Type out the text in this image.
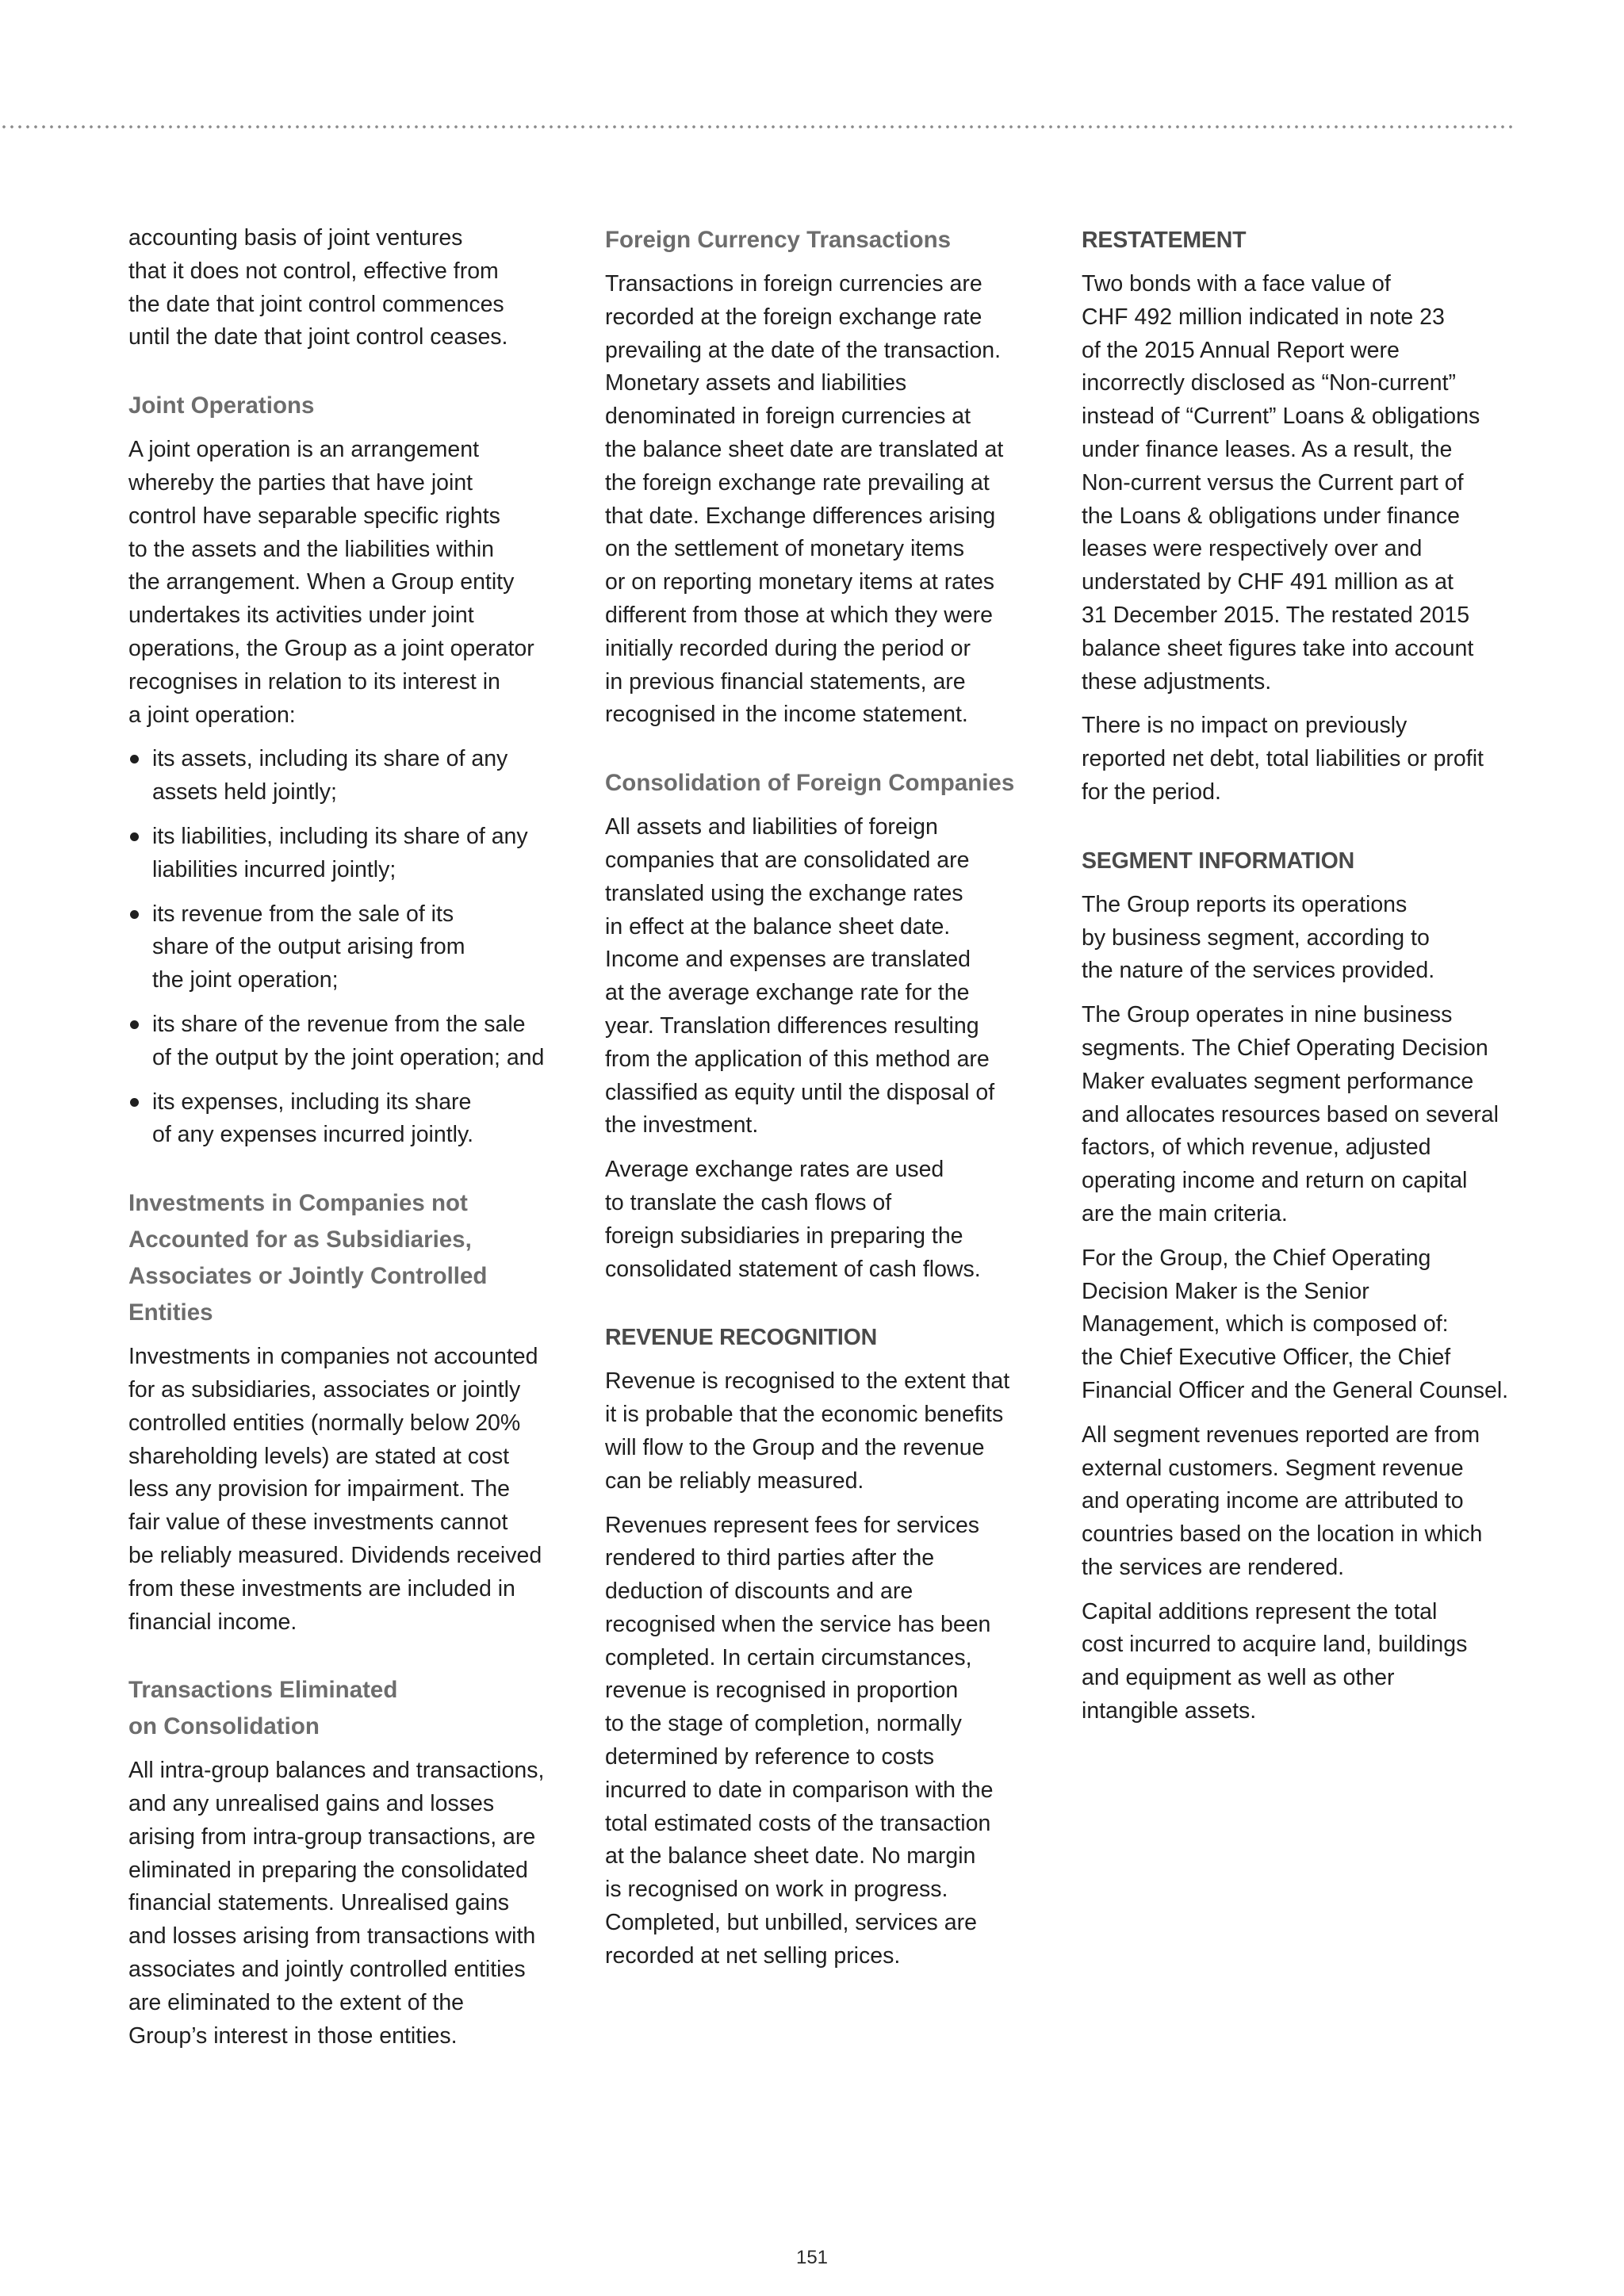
accounting basis of joint ventures
that it does not control, effective from
the date that joint control commences
until the date that joint control ceases.

Joint Operations

A joint operation is an arrangement
whereby the parties that have joint
control have separable specific rights
to the assets and the liabilities within
the arrangement. When a Group entity
undertakes its activities under joint
operations, the Group as a joint operator
recognises in relation to its interest in
a joint operation:

its assets, including its share of any
assets held jointly;
its liabilities, including its share of any
liabilities incurred jointly;
its revenue from the sale of its
share of the output arising from
the joint operation;
its share of the revenue from the sale
of the output by the joint operation; and
its expenses, including its share
of any expenses incurred jointly.
Investments in Companies not
Accounted for as Subsidiaries,
Associates or Jointly Controlled Entities

Investments in companies not accounted
for as subsidiaries, associates or jointly
controlled entities (normally below 20%
shareholding levels) are stated at cost
less any provision for impairment. The
fair value of these investments cannot
be reliably measured. Dividends received
from these investments are included in
financial income.

Transactions Eliminated
on Consolidation

All intra-group balances and transactions,
and any unrealised gains and losses
arising from intra-group transactions, are
eliminated in preparing the consolidated
financial statements. Unrealised gains
and losses arising from transactions with
associates and jointly controlled entities
are eliminated to the extent of the
Group’s interest in those entities.

Foreign Currency Transactions

Transactions in foreign currencies are
recorded at the foreign exchange rate
prevailing at the date of the transaction.
Monetary assets and liabilities
denominated in foreign currencies at
the balance sheet date are translated at
the foreign exchange rate prevailing at
that date. Exchange differences arising
on the settlement of monetary items
or on reporting monetary items at rates
different from those at which they were
initially recorded during the period or
in previous financial statements, are
recognised in the income statement.

Consolidation of Foreign Companies

All assets and liabilities of foreign
companies that are consolidated are
translated using the exchange rates
in effect at the balance sheet date.
Income and expenses are translated
at the average exchange rate for the
year. Translation differences resulting
from the application of this method are
classified as equity until the disposal of
the investment.

Average exchange rates are used
to translate the cash flows of
foreign subsidiaries in preparing the
consolidated statement of cash flows.

REVENUE RECOGNITION

Revenue is recognised to the extent that
it is probable that the economic benefits
will flow to the Group and the revenue
can be reliably measured.

Revenues represent fees for services
rendered to third parties after the
deduction of discounts and are
recognised when the service has been
completed. In certain circumstances,
revenue is recognised in proportion
to the stage of completion, normally
determined by reference to costs
incurred to date in comparison with the
total estimated costs of the transaction
at the balance sheet date. No margin
is recognised on work in progress.
Completed, but unbilled, services are
recorded at net selling prices.

RESTATEMENT

Two bonds with a face value of
CHF 492 million indicated in note 23
of the 2015 Annual Report were
incorrectly disclosed as “Non-current”
instead of “Current” Loans & obligations
under finance leases. As a result, the
Non-current versus the Current part of
the Loans & obligations under finance
leases were respectively over and
understated by CHF 491 million as at
31 December 2015. The restated 2015
balance sheet figures take into account
these adjustments.

There is no impact on previously
reported net debt, total liabilities or profit
for the period.

SEGMENT INFORMATION

The Group reports its operations
by business segment, according to
the nature of the services provided.

The Group operates in nine business
segments. The Chief Operating Decision
Maker evaluates segment performance
and allocates resources based on several
factors, of which revenue, adjusted
operating income and return on capital
are the main criteria.

For the Group, the Chief Operating
Decision Maker is the Senior
Management, which is composed of:
the Chief Executive Officer, the Chief
Financial Officer and the General Counsel.

All segment revenues reported are from
external customers. Segment revenue
and operating income are attributed to
countries based on the location in which
the services are rendered.

Capital additions represent the total
cost incurred to acquire land, buildings
and equipment as well as other
intangible assets.

151
